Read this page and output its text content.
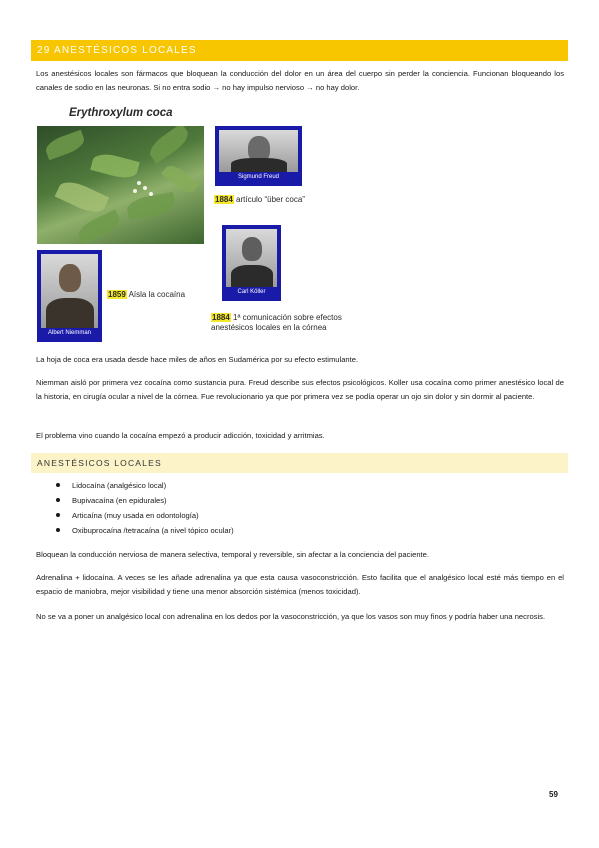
29 ANESTÉSICOS LOCALES

Los anestésicos locales son fármacos que bloquean la conducción del dolor en un área del cuerpo sin perder la conciencia. Funcionan bloqueando los canales de sodio en las neuronas. Si no entra sodio → no hay impulso nervioso → no hay dolor.

Erythroxylum coca
Sigmund Freud
1884 artículo “über coca”
Albert Niemman
1859 Aísla la cocaína	Carl Köller
1884 1ª comunicación sobre efectos
anestésicos locales en la córnea

La hoja de coca era usada desde hace miles de años en Sudamérica por su efecto estimulante.

Niemman aisló por primera vez cocaína como sustancia pura. Freud describe sus efectos psicológicos. Koller usa cocaína como primer anestésico local de la historia, en cirugía ocular a nivel de la córnea. Fue revolucionario ya que por primera vez se podía operar un ojo sin dolor y sin dormir al paciente.

El problema vino cuando la cocaína empezó a producir adicción, toxicidad y arritmias.

ANESTÉSICOS LOCALES
Lidocaína (analgésico local)
Bupivacaína (en epidurales)
Articaína (muy usada en odontología)
Oxibuprocaína /tetracaína (a nivel tópico ocular)

Bloquean la conducción nerviosa de manera selectiva, temporal y reversible, sin afectar a la conciencia del paciente.

Adrenalina + lidocaína. A veces se les añade adrenalina ya que esta causa vasoconstricción. Esto facilita que el analgésico local esté más tiempo en el espacio de maniobra, mejor visibilidad y tiene una menor absorción sistémica (menos toxicidad).

No se va a poner un analgésico local con adrenalina en los dedos por la vasoconstricción, ya que los vasos son muy finos y podría haber una necrosis.

59
